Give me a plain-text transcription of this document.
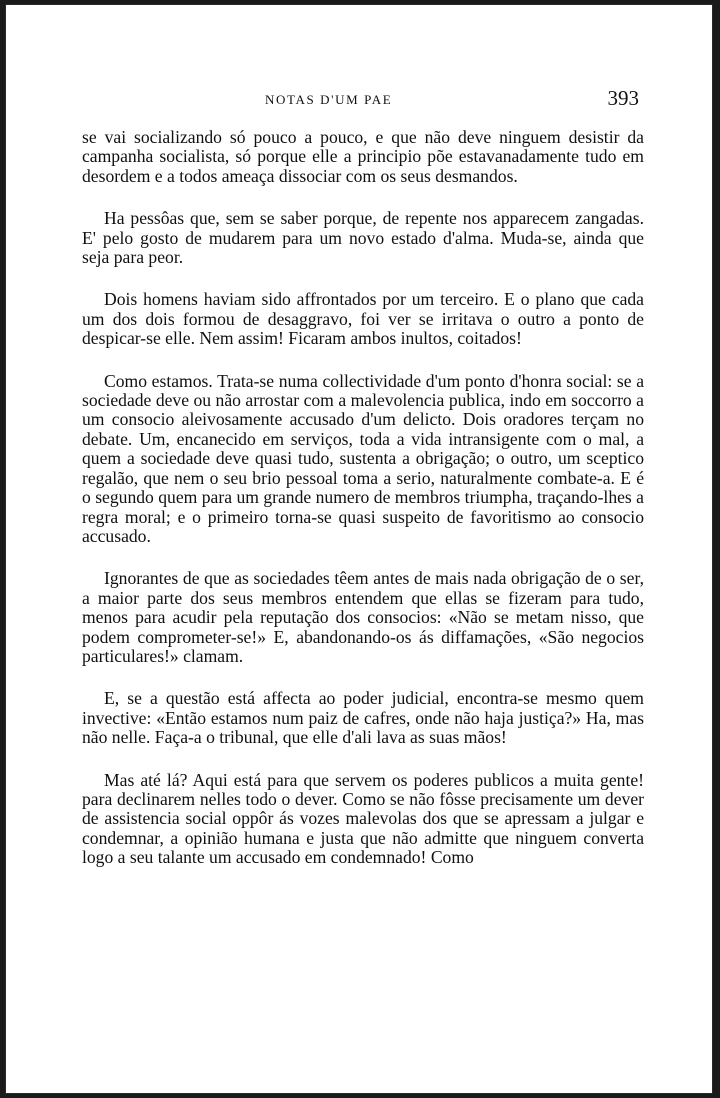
NOTAS D'UM PAE	393

se vai socializando só pouco a pouco, e que não deve ninguem desistir da campanha socialista, só porque elle a principio põe estavanadamente tudo em desordem e a todos ameaça dissociar com os seus desmandos.

Ha pessôas que, sem se saber porque, de repente nos apparecem zangadas. E' pelo gosto de mudarem para um novo estado d'alma. Muda-se, ainda que seja para peor.

Dois homens haviam sido affrontados por um terceiro. E o plano que cada um dos dois formou de desaggravo, foi ver se irritava o outro a ponto de despicar-se elle. Nem assim! Ficaram ambos inultos, coitados!

Como estamos. Trata-se numa collectividade d'um ponto d'honra social: se a sociedade deve ou não arrostar com a malevolencia publica, indo em soccorro a um consocio aleivosamente accusado d'um delicto. Dois oradores terçam no debate. Um, encanecido em serviços, toda a vida intransigente com o mal, a quem a sociedade deve quasi tudo, sustenta a obrigação; o outro, um sceptico regalão, que nem o seu brio pessoal toma a serio, naturalmente combate-a. E é o segundo quem para um grande numero de membros triumpha, traçando-lhes a regra moral; e o primeiro torna-se quasi suspeito de favoritismo ao consocio accusado.

Ignorantes de que as sociedades têem antes de mais nada obrigação de o ser, a maior parte dos seus membros entendem que ellas se fizeram para tudo, menos para acudir pela reputação dos consocios: «Não se metam nisso, que podem comprometer-se!» E, abandonando-os ás diffamações, «São negocios particulares!» clamam.

E, se a questão está affecta ao poder judicial, encontra-se mesmo quem invective: «Então estamos num paiz de cafres, onde não haja justiça?» Ha, mas não nelle. Faça-a o tribunal, que elle d'ali lava as suas mãos!

Mas até lá? Aqui está para que servem os poderes publicos a muita gente! para declinarem nelles todo o dever. Como se não fôsse precisamente um dever de assistencia social oppôr ás vozes malevolas dos que se apressam a julgar e condemnar, a opinião humana e justa que não admitte que ninguem converta logo a seu talante um accusado em condemnado! Como
